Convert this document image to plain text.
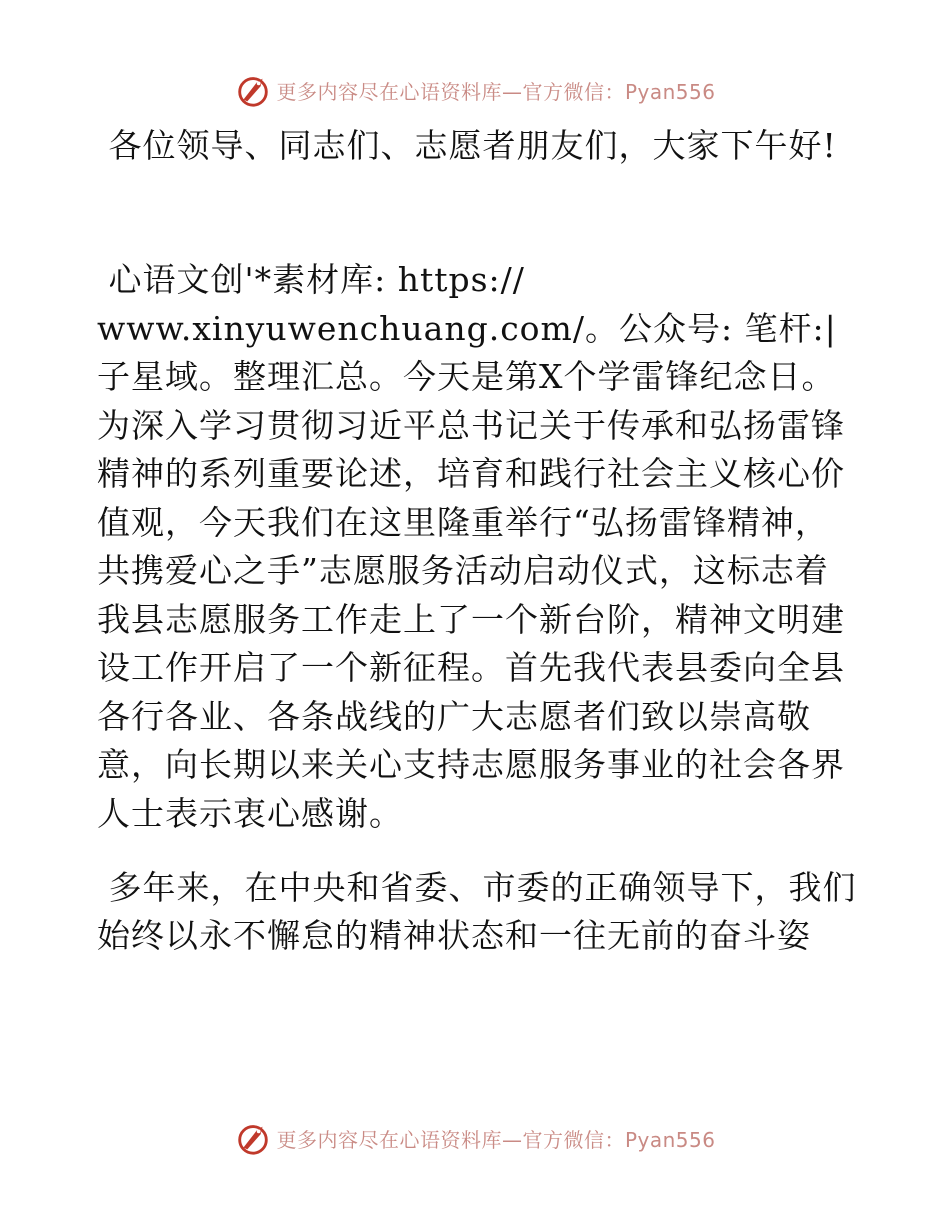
更多内容尽在心语资料库—官方微信：Pyan556

各位领导、同志们、志愿者朋友们，大家下午好!

心语文创'*素材库: https:// www.xinyuwenchuang.com/。公众号: 笔杆:|子星域。整理汇总。今天是第X个学雷锋纪念日。为深入学习贯彻习近平总书记关于传承和弘扬雷锋精神的系列重要论述，培育和践行社会主义核心价值观，今天我们在这里隆重举行“弘扬雷锋精神，共携爱心之手”志愿服务活动启动仪式，这标志着我县志愿服务工作走上了一个新台阶，精神文明建设工作开启了一个新征程。首先我代表县委向全县各行各业、各条战线的广大志愿者们致以崇高敬意，向长期以来关心支持志愿服务事业的社会各界人士表示衷心感谢。

多年来，在中央和省委、市委的正确领导下，我们始终以永不懈怠的精神状态和一往无前的奋斗姿

更多内容尽在心语资料库—官方微信：Pyan556
